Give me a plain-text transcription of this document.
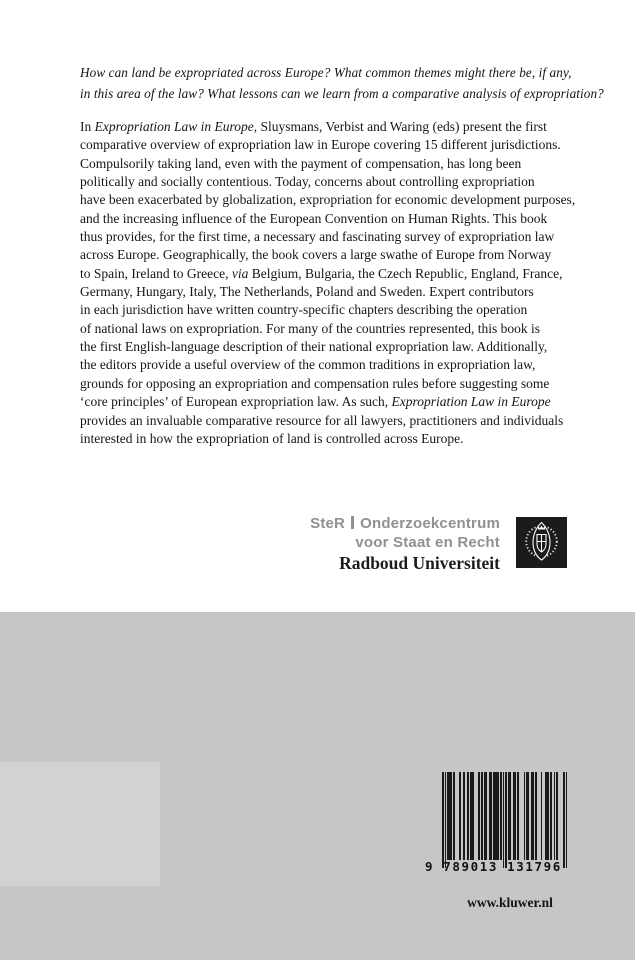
How can land be expropriated across Europe? What common themes might there be, if any,
in this area of the law? What lessons can we learn from a comparative analysis of expropriation?
In Expropriation Law in Europe, Sluysmans, Verbist and Waring (eds) present the first
comparative overview of expropriation law in Europe covering 15 different jurisdictions.
Compulsorily taking land, even with the payment of compensation, has long been
politically and socially contentious. Today, concerns about controlling expropriation
have been exacerbated by globalization, expropriation for economic development purposes,
and the increasing influence of the European Convention on Human Rights. This book
thus provides, for the first time, a necessary and fascinating survey of expropriation law
across Europe. Geographically, the book covers a large swathe of Europe from Norway
to Spain, Ireland to Greece, via Belgium, Bulgaria, the Czech Republic, England, France,
Germany, Hungary, Italy, The Netherlands, Poland and Sweden. Expert contributors
in each jurisdiction have written country-specific chapters describing the operation
of national laws on expropriation. For many of the countries represented, this book is
the first English-language description of their national expropriation law. Additionally,
the editors provide a useful overview of the common traditions in expropriation law,
grounds for opposing an expropriation and compensation rules before suggesting some
‘core principles’ of European expropriation law. As such, Expropriation Law in Europe
provides an invaluable comparative resource for all lawyers, practitioners and individuals
interested in how the expropriation of land is controlled across Europe.
SteR Onderzoekcentrum
voor Staat en Recht
Radboud Universiteit
9 789013 131796
www.kluwer.nl
